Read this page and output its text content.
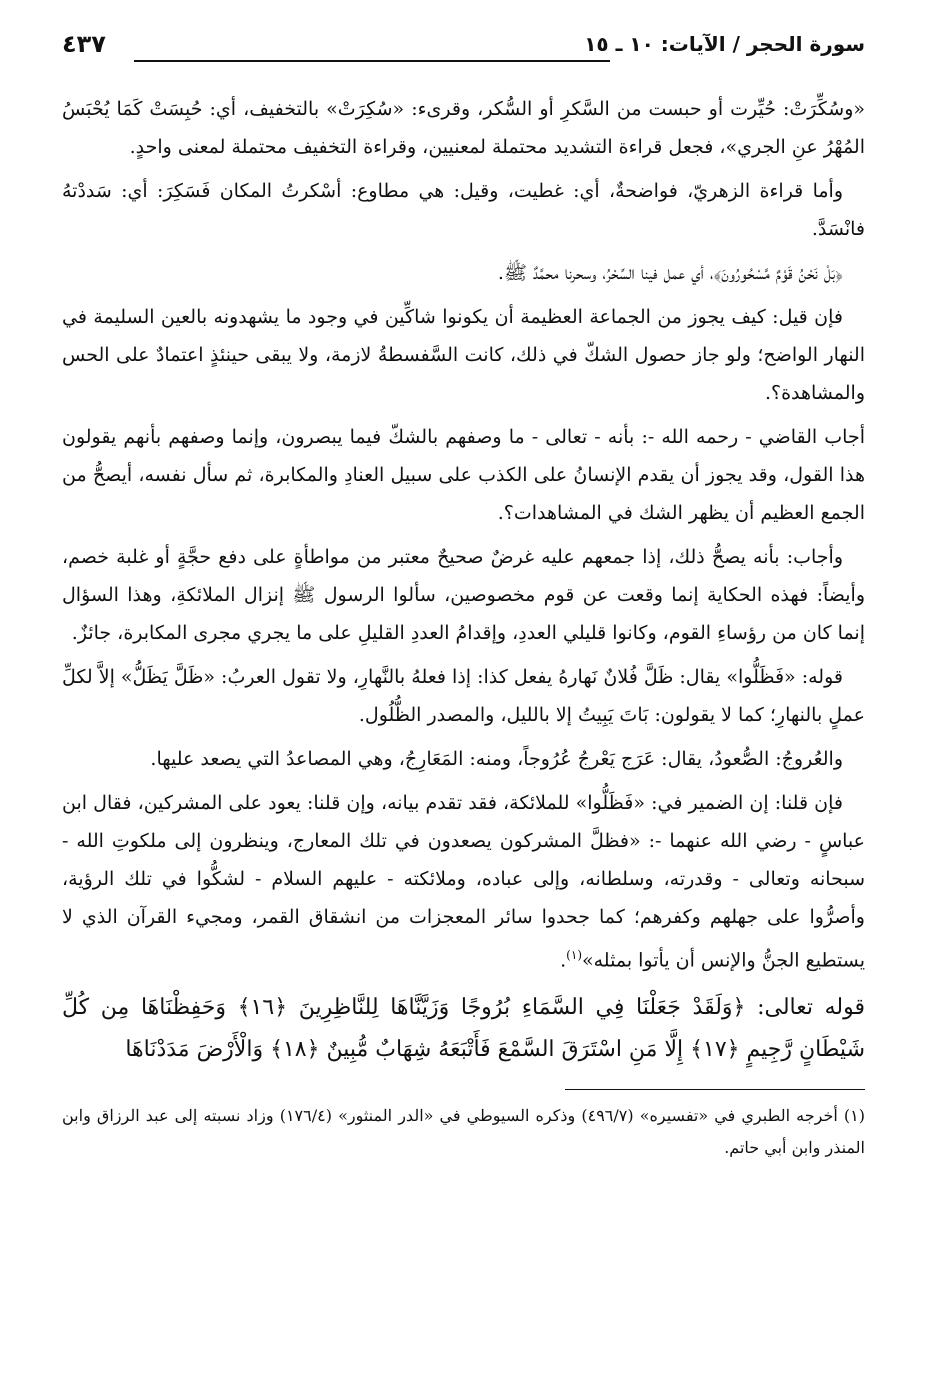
سورة الحجر / الآيات: ١٠ ـ ١٥
٤٣٧

«وسُكِّرَتْ: حُيِّرت أو حبست من السَّكرِ أو السُّكر، وقرىء: «سُكِرَتْ» بالتخفيف، أي: حُبِسَتْ كَمَا يُحْبَسُ المُهْرُ عنِ الجري»، فجعل قراءة التشديد محتملة لمعنيين، وقراءة التخفيف محتملة لمعنى واحدٍ.

وأما قراءة الزهريّ، فواضحةٌ، أي: غطيت، وقيل: هي مطاوع: أسْكرتُ المكان فَسَكِرَ: أي: سَددْتهُ فانْسَدَّ.

﴿بَلْ نَحْنُ قَوْمٌ مَّسْحُورُونَ﴾، أي عمل فينا السِّحْرُ، وسحرنا محمَّدٌ ﷺ.

فإن قيل: كيف يجوز من الجماعة العظيمة أن يكونوا شاكِّين في وجود ما يشهدونه بالعين السليمة في النهار الواضح؛ ولو جاز حصول الشكّ في ذلك، كانت السَّفسطةُ لازمة، ولا يبقى حينئذٍ اعتمادٌ على الحس والمشاهدة؟.

أجاب القاضي - رحمه الله -: بأنه - تعالى - ما وصفهم بالشكّ فيما يبصرون، وإنما وصفهم بأنهم يقولون هذا القول، وقد يجوز أن يقدم الإنسانُ على الكذب على سبيل العنادِ والمكابرة، ثم سأل نفسه، أيصحُّ من الجمع العظيم أن يظهر الشك في المشاهدات؟.

وأجاب: بأنه يصحُّ ذلك، إذا جمعهم عليه غرضٌ صحيحٌ معتبر من مواطأةٍ على دفع حجَّةٍ أو غلبة خصم، وأيضاً: فهذه الحكاية إنما وقعت عن قوم مخصوصين، سألوا الرسول ﷺ إنزال الملائكةِ، وهذا السؤال إنما كان من رؤساءِ القوم، وكانوا قليلي العددِ، وإقدامُ العددِ القليلِ على ما يجري مجرى المكابرة، جائزٌ.

قوله: «فَظَلُّوا» يقال: ظَلَّ فُلانٌ نَهارهُ يفعل كذا: إذا فعلهُ بالنَّهارِ، ولا تقول العربُ: «ظَلَّ يَظَلُّ» إلاَّ لكلِّ عملٍ بالنهارِ؛ كما لا يقولون: بَاتَ يَبِيتُ إلا بالليل، والمصدر الظُّلُول.

والعُروجُ: الصُّعودُ، يقال: عَرَج يَعْرجُ عُرُوجاً، ومنه: المَعَارِجُ، وهي المصاعدُ التي يصعد عليها.

فإن قلنا: إن الضمير في: «فَظَلُّوا» للملائكة، فقد تقدم بيانه، وإن قلنا: يعود على المشركين، فقال ابن عباسٍ - رضي الله عنهما -: «فظلَّ المشركون يصعدون في تلك المعارج، وينظرون إلى ملكوتِ الله - سبحانه وتعالى - وقدرته، وسلطانه، وإلى عباده، وملائكته - عليهم السلام - لشكُّوا في تلك الرؤية، وأصرُّوا على جهلهم وكفرهم؛ كما جحدوا سائر المعجزات من انشقاق القمر، ومجيء القرآن الذي لا يستطيع الجنُّ والإنس أن يأتوا بمثله»$^{(١)}$.

قوله تعالى: ﴿وَلَقَدْ جَعَلْنَا فِي السَّمَاءِ بُرُوجًا وَزَيَّنَّاهَا لِلنَّاظِرِينَ ﴿١٦﴾ وَحَفِظْنَاهَا مِن كُلِّ شَيْطَانٍ رَّجِيمٍ ﴿١٧﴾ إِلَّا مَنِ اسْتَرَقَ السَّمْعَ فَأَتْبَعَهُ شِهَابٌ مُّبِينٌ ﴿١٨﴾ وَالْأَرْضَ مَدَدْنَاهَا
(١) أخرجه الطبري في «تفسيره» (٤٩٦/٧) وذكره السيوطي في «الدر المنثور» (١٧٦/٤) وزاد نسبته إلى عبد الرزاق وابن المنذر وابن أبي حاتم.
